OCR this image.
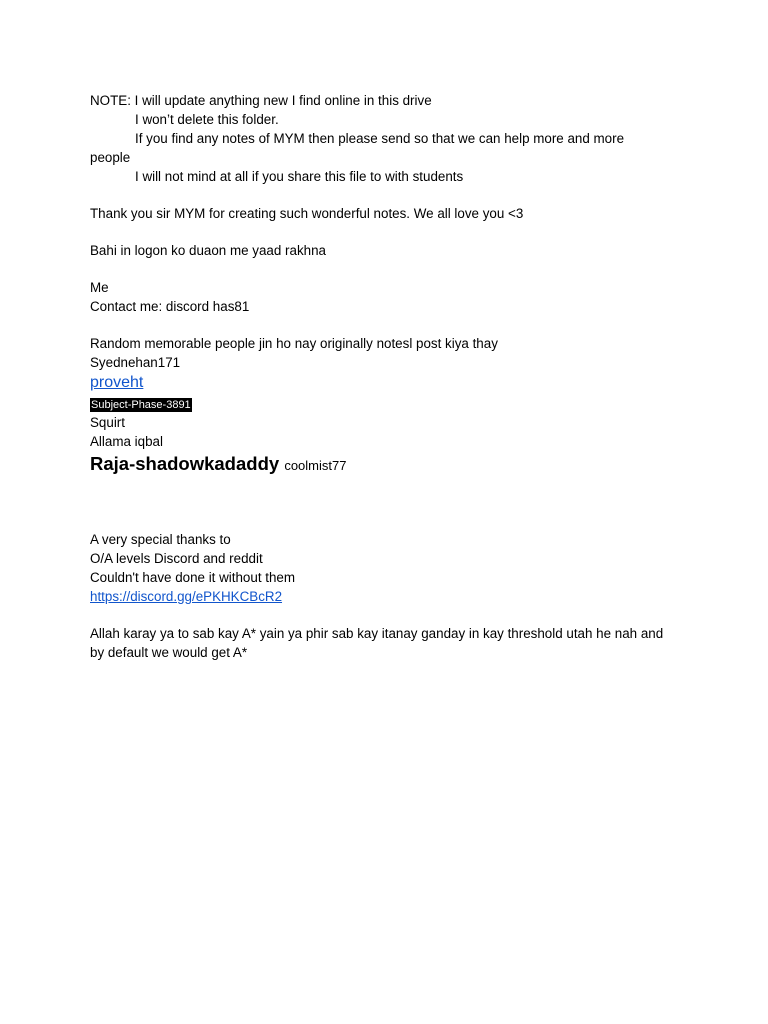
NOTE: I will update anything new I find online in this drive
I won’t delete this folder.
If you find any notes of MYM then please send so that we can help more and more
people
I will not mind at all if you share this file to with students
Thank you sir MYM for creating such wonderful notes. We all love you <3
Bahi in logon ko duaon me yaad rakhna
Me
Contact me: discord has81
Random memorable people jin ho nay originally notesl post kiya thay
Syednehan171
proveht
Subject-Phase-3891
Squirt
Allama iqbal
Raja-shadowkadaddy coolmist77
A very special thanks to
O/A levels Discord and reddit
Couldn't have done it without them
https://discord.gg/ePKHKCBcR2
Allah karay ya to sab kay A* yain ya phir sab kay itanay ganday in kay threshold utah he nah and by default we would get A*
